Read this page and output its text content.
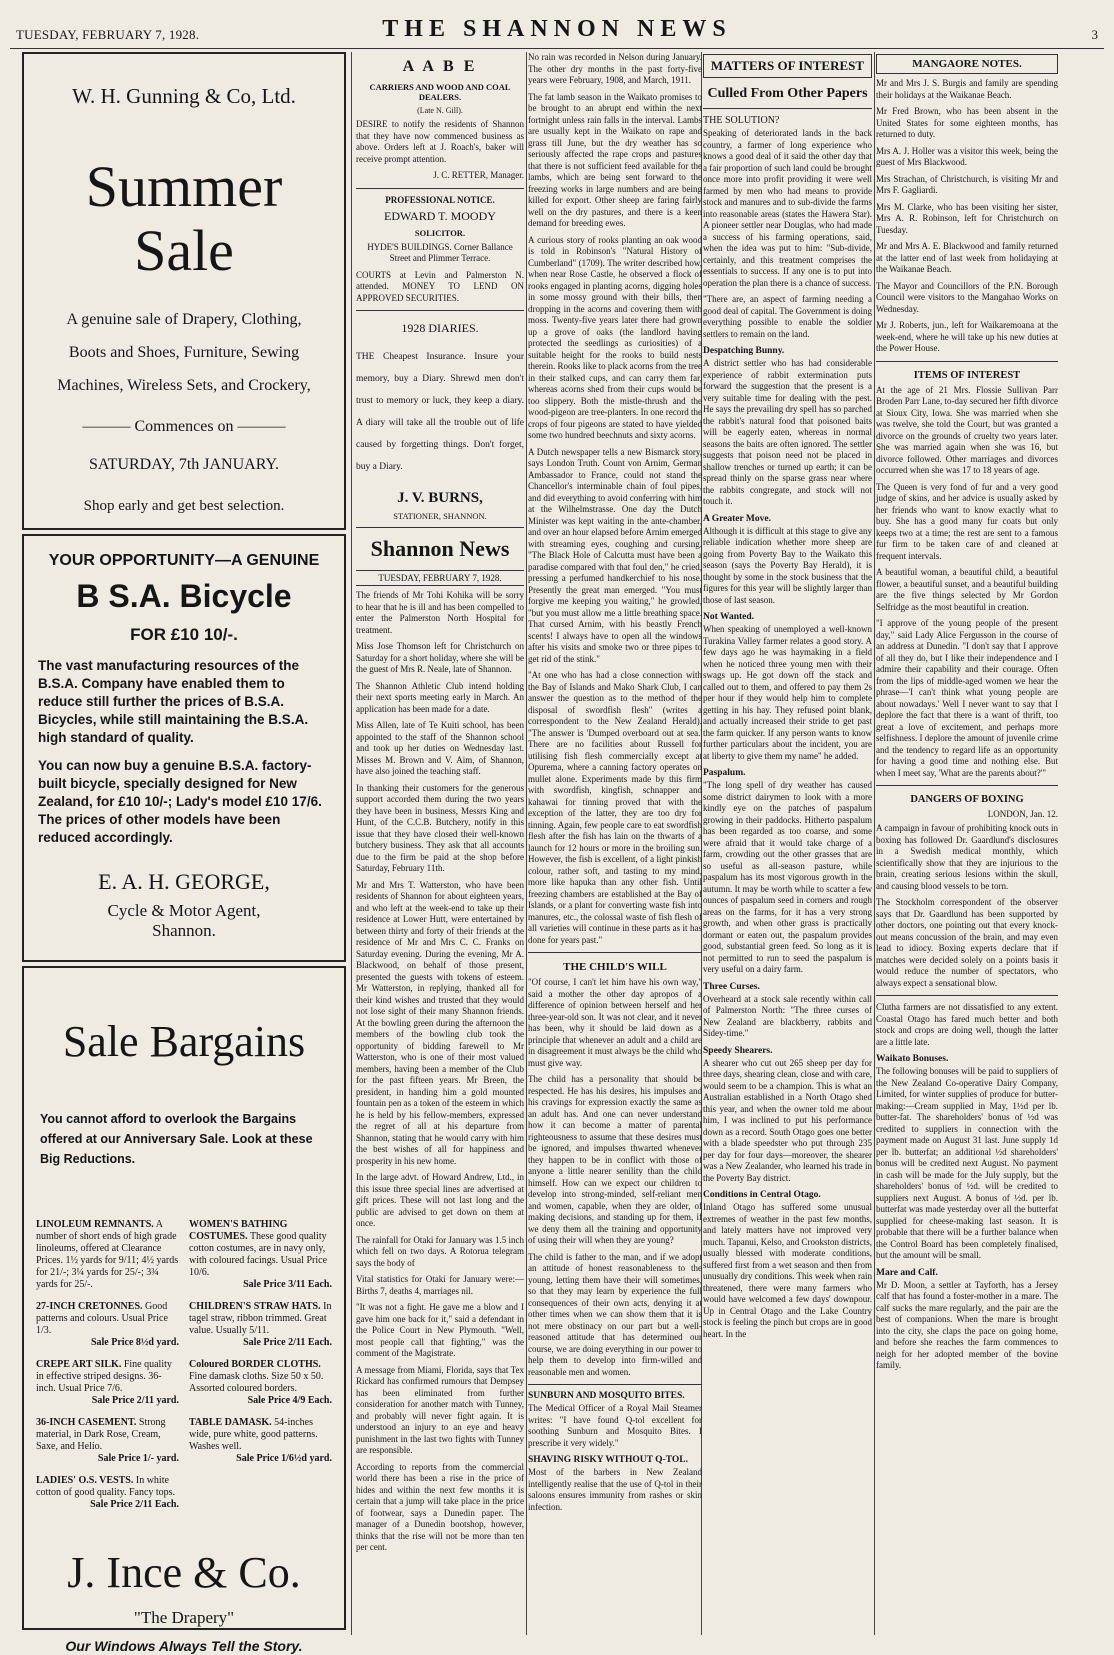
TUESDAY, FEBRUARY 7, 1928.	THE SHANNON NEWS	3
W. H. Gunning & Co, Ltd.
Summer
Sale
A genuine sale of Drapery, Clothing,
Boots and Shoes, Furniture, Sewing
Machines, Wireless Sets, and Crockery,
——— Commences on ———
SATURDAY, 7th JANUARY.
Shop early and get best selection.
YOUR OPPORTUNITY—A GENUINE
B S.A. Bicycle
FOR £10 10/-.
The vast manufacturing resources of the B.S.A. Company have enabled them to reduce still further the prices of B.S.A. Bicycles, while still maintaining the B.S.A. high standard of quality.
You can now buy a genuine B.S.A. factory-built bicycle, specially designed for New Zealand, for £10 10/-; Lady's model £10 17/6. The prices of other models have been reduced accordingly.
E. A. H. GEORGE,
Cycle & Motor Agent,
Shannon.
Sale Bargains
You cannot afford to overlook the Bargains offered at our Anniversary Sale. Look at these Big Reductions.
LINOLEUM REMNANTS. A number of short ends of high grade linoleums, offered at Clearance Prices. 1½ yards for 9/11; 4½ yards for 21/-; 3¼ yards for 25/-; 3¾ yards for 25/-.
27-INCH CRETONNES. Good patterns and colours. Usual Price 1/3.
Sale Price 8½d yard.
CREPE ART SILK. Fine quality in effective striped designs. 36-inch. Usual Price 7/6.
Sale Price 2/11 yard.
36-INCH CASEMENT. Strong material, in Dark Rose, Cream, Saxe, and Helio.
Sale Price 1/- yard.
LADIES' O.S. VESTS. In white cotton of good quality. Fancy tops.
Sale Price 2/11 Each.
WOMEN'S BATHING COSTUMES. These good quality cotton costumes, are in navy only, with coloured facings. Usual Price 10/6.
Sale Price 3/11 Each.
CHILDREN'S STRAW HATS. In tagel straw, ribbon trimmed. Great value. Usually 5/11.
Sale Price 2/11 Each.
Coloured BORDER CLOTHS. Fine damask cloths. Size 50 x 50. Assorted coloured borders.
Sale Price 4/9 Each.
TABLE DAMASK. 54-inches wide, pure white, good patterns. Washes well.
Sale Price 1/6½d yard.
J. Ince & Co.
"The Drapery"
Our Windows Always Tell the Story.
A A B E
CARRIERS AND WOOD AND COAL DEALERS.
(Late N. Gill).

DESIRE to notify the residents of Shannon that they have now commenced business as above. Orders left at J. Roach's, baker will receive prompt attention.

J. C. RETTER, Manager.

PROFESSIONAL NOTICE.
EDWARD T. MOODY
SOLICITOR.

HYDE'S BUILDINGS. Corner Ballance Street and Plimmer Terrace.

COURTS at Levin and Palmerston N. attended. MONEY TO LEND ON APPROVED SECURITIES.

1928 DIARIES.

THE Cheapest Insurance. Insure your memory, buy a Diary. Shrewd men don't trust to memory or luck, they keep a diary. A diary will take all the trouble out of life caused by forgetting things. Don't forget, buy a Diary.

J. V. BURNS,
STATIONER, SHANNON.
Shannon News
TUESDAY, FEBRUARY 7, 1928.

The friends of Mr Tohi Kohika will be sorry to hear that he is ill and has been compelled to enter the Palmerston North Hospital for treatment.

Miss Jose Thomson left for Christchurch on Saturday for a short holiday, where she will be the guest of Mrs R. Neale, late of Shannon.

The Shannon Athletic Club intend holding their next sports meeting early in March. An application has been made for a date.

Miss Allen, late of Te Kuiti school, has been appointed to the staff of the Shannon school and took up her duties on Wednesday last. Misses M. Brown and V. Aim, of Shannon, have also joined the teaching staff.

In thanking their customers for the generous support accorded them during the two years they have been in business, Messrs King and Hunt, of the C.C.B. Butchery, notify in this issue that they have closed their well-known butchery business. They ask that all accounts due to the firm be paid at the shop before Saturday, February 11th.

Mr and Mrs T. Watterston, who have been residents of Shannon for about eighteen years, and who left at the week-end to take up their residence at Lower Hutt, were entertained by between thirty and forty of their friends at the residence of Mr and Mrs C. C. Franks on Saturday evening. During the evening, Mr A. Blackwood, on behalf of those present, presented the guests with tokens of esteem. Mr Watterston, in replying, thanked all for their kind wishes and trusted that they would not lose sight of their many Shannon friends. At the bowling green during the afternoon the members of the bowling club took the opportunity of bidding farewell to Mr Watterston, who is one of their most valued members, having been a member of the Club for the past fifteen years. Mr Breen, the president, in handing him a gold mounted fountain pen as a token of the esteem in which he is held by his fellow-members, expressed the regret of all at his departure from Shannon, stating that he would carry with him the best wishes of all for happiness and prosperity in his new home.

In the large advt. of Howard Andrew, Ltd., in this issue three special lines are advertised at gift prices. These will not last long and the public are advised to get down on them at once.

The rainfall for Otaki for January was 1.5 inch which fell on two days. A Rotorua telegram says the body of

Vital statistics for Otaki for January were:—Births 7, deaths 4, marriages nil.

"It was not a fight. He gave me a blow and I gave him one back for it," said a defendant in the Police Court in New Plymouth. "Well, most people call that fighting," was the comment of the Magistrate.

A message from Miami, Florida, says that Tex Rickard has confirmed rumours that Dempsey has been eliminated from further consideration for another match with Tunney, and probably will never fight again. It is understood an injury to an eye and heavy punishment in the last two fights with Tunney are responsible.

According to reports from the commercial world there has been a rise in the price of hides and within the next few months it is certain that a jump will take place in the price of footwear, says a Dunedin paper. The manager of a Dunedin bootshop, however, thinks that the rise will not be more than ten per cent.

No rain was recorded in Nelson during January. The other dry months in the past forty-five years were February, 1908, and March, 1911.

The fat lamb season in the Waikato promises to be brought to an abrupt end within the next fortnight unless rain falls in the interval. Lambs are usually kept in the Waikato on rape and grass till June, but the dry weather has so seriously affected the rape crops and pastures that there is not sufficient feed available for the lambs, which are being sent forward to the freezing works in large numbers and are being killed for export. Other sheep are faring fairly well on the dry pastures, and there is a keen demand for breeding ewes.

A curious story of rooks planting an oak wood is told in Robinson's "Natural History of Cumberland" (1709). The writer described how, when near Rose Castle, he observed a flock of rooks engaged in planting acorns, digging holes in some mossy ground with their bills, then dropping in the acorns and covering them with moss. Twenty-five years later there had grown up a grove of oaks (the landlord having protected the seedlings as curiosities) of a suitable height for the rooks to build nests therein. Rooks like to plack acorns from the tree in their stalked cups, and can carry them far, whereas acorns shed from their cups would be too slippery. Both the mistle-thrush and the wood-pigeon are tree-planters. In one record the crops of four pigeons are stated to have yielded some two hundred beechnuts and sixty acorns.

A Dutch newspaper tells a new Bismarck story, says London Truth. Count von Arnim, German Ambassador to France, could not stand the Chancellor's interminable chain of foul pipes, and did everything to avoid conferring with him at the Wilhelmstrasse. One day the Dutch Minister was kept waiting in the ante-chamber, and over an hour elapsed before Arnim emerged with streaming eyes, coughing and cursing. "The Black Hole of Calcutta must have been a paradise compared with that foul den," he cried, pressing a perfumed handkerchief to his nose. Presently the great man emerged. "You must forgive me keeping you waiting," he growled, "but you must allow me a little breathing space. That cursed Arnim, with his beastly French scents! I always have to open all the windows after his visits and smoke two or three pipes to get rid of the stink."

"At one who has had a close connection with the Bay of Islands and Mako Shark Club, I can answer the question as to the method of the disposal of swordfish flesh" (writes a correspondent to the New Zealand Herald). "The answer is 'Dumped overboard out at sea.' There are no facilities about Russell for utilising fish flesh commercially except at Opurema, where a canning factory operates on mullet alone. Experiments made by this firm with swordfish, kingfish, schnapper and kahawai for tinning proved that with the exception of the latter, they are too dry for tinning. Again, few people care to eat swordfish flesh after the fish has lain on the thwarts of a launch for 12 hours or more in the broiling sun. However, the fish is excellent, of a light pinkish colour, rather soft, and tasting to my mind, more like hapuka than any other fish. Until freezing chambers are established at the Bay of Islands, or a plant for converting waste fish into manures, etc., the colossal waste of fish flesh of all varieties will continue in these parts as it has done for years past."

THE CHILD'S WILL

"Of course, I can't let him have his own way," said a mother the other day apropos of a difference of opinion between herself and her three-year-old son. It was not clear, and it never has been, why it should be laid down as a principle that whenever an adult and a child are in disagreement it must always be the child who must give way.

The child has a personality that should be respected. He has his desires, his impulses and his cravings for expression exactly the same as an adult has. And one can never understand how it can become a matter of parental righteousness to assume that these desires must be ignored, and impulses thwarted whenever they happen to be in conflict with those of anyone a little nearer senility than the child himself. How can we expect our children to develop into strong-minded, self-reliant men and women, capable, when they are older, of making decisions, and standing up for them, if we deny them all the training and opportunity of using their will when they are young?

The child is father to the man, and if we adopt an attitude of honest reasonableness to the young, letting them have their will sometimes, so that they may learn by experience the full consequences of their own acts, denying it at other times when we can show them that it is not mere obstinacy on our part but a well-reasoned attitude that has determined our course, we are doing everything in our power to help them to develop into firm-willed and reasonable men and women.

SUNBURN AND MOSQUITO BITES.

The Medical Officer of a Royal Mail Steamer writes: "I have found Q-tol excellent for soothing Sunburn and Mosquito Bites. I prescribe it very widely."

SHAVING RISKY WITHOUT Q-TOL.

Most of the barbers in New Zealand intelligently realise that the use of Q-tol in their saloons ensures immunity from rashes or skin infection.

MATTERS OF INTEREST
Culled From Other Papers
THE SOLUTION?

Speaking of deteriorated lands in the back country, a farmer of long experience who knows a good deal of it said the other day that a fair proportion of such land could be brought once more into profit providing it were well farmed by men who had means to provide stock and manures and to sub-divide the farms into reasonable areas (states the Hawera Star). A pioneer settler near Douglas, who had made a success of his farming operations, said, when the idea was put to him: "Sub-divide, certainly, and this treatment comprises the essentials to success. If any one is to put into operation the plan there is a chance of success.

"There are, an aspect of farming needing a good deal of capital. The Government is doing everything possible to enable the soldier settlers to remain on the land.

Despatching Bunny.

A district settler who has had considerable experience of rabbit extermination puts forward the suggestion that the present is a very suitable time for dealing with the pest. He says the prevailing dry spell has so parched the rabbit's natural food that poisoned baits will be eagerly eaten, whereas in normal seasons the baits are often ignored. The settler suggests that poison need not be placed in shallow trenches or turned up earth; it can be spread thinly on the sparse grass near where the rabbits congregate, and stock will not touch it.

A Greater Move.

Although it is difficult at this stage to give any reliable indication whether more sheep are going from Poverty Bay to the Waikato this season (says the Poverty Bay Herald), it is thought by some in the stock business that the figures for this year will be slightly larger than those of last season.

Not Wanted.

When speaking of unemployed a well-known Turakina Valley farmer relates a good story. A few days ago he was haymaking in a field when he noticed three young men with their swags up. He got down off the stack and called out to them, and offered to pay them 2s per hour if they would help him to complete getting in his hay. They refused point blank, and actually increased their stride to get past the farm quicker. If any person wants to know further particulars about the incident, you are at liberty to give them my name" he added.

Paspalum.

"The long spell of dry weather has caused some district dairymen to look with a more kindly eye on the patches of paspalum growing in their paddocks. Hitherto paspalum has been regarded as too coarse, and some were afraid that it would take charge of a farm, crowding out the other grasses that are so useful as all-season pasture, while paspalum has its most vigorous growth in the autumn. It may be worth while to scatter a few ounces of paspalum seed in corners and rough areas on the farms, for it has a very strong growth, and when other grass is practically dormant or eaten out, the paspalum provides good, substantial green feed. So long as it is not permitted to run to seed the paspalum is very useful on a dairy farm.

Three Curses.

Overheard at a stock sale recently within call of Palmerston North: "The three curses of New Zealand are blackberry, rabbits and Sidey-time."

Speedy Shearers.

A shearer who cut out 265 sheep per day for three days, shearing clean, close and with care, would seem to be a champion. This is what an Australian established in a North Otago shed this year, and when the owner told me about him, I was inclined to put his performance down as a record. South Otago goes one better with a blade speedster who put through 235 per day for four days—moreover, the shearer was a New Zealander, who learned his trade in the Poverty Bay district.

Conditions in Central Otago.

Inland Otago has suffered some unusual extremes of weather in the past few months, and lately matters have not improved very much. Tapanui, Kelso, and Crookston districts, usually blessed with moderate conditions, suffered first from a wet season and then from unusually dry conditions. This week when rain threatened, there were many farmers who would have welcomed a few days' downpour. Up in Central Otago and the Lake Country stock is feeling the pinch but crops are in good heart. In the

MANGAORE NOTES.

Mr and Mrs J. S. Burgis and family are spending their holidays at the Waikanae Beach.

Mr Fred Brown, who has been absent in the United States for some eighteen months, has returned to duty.

Mrs A. J. Holler was a visitor this week, being the guest of Mrs Blackwood.

Mrs Strachan, of Christchurch, is visiting Mr and Mrs F. Gagliardi.

Mrs M. Clarke, who has been visiting her sister, Mrs A. R. Robinson, left for Christchurch on Tuesday.

Mr and Mrs A. E. Blackwood and family returned at the latter end of last week from holidaying at the Waikanae Beach.

The Mayor and Councillors of the P.N. Borough Council were visitors to the Mangahao Works on Wednesday.

Mr J. Roberts, jun., left for Waikaremoana at the week-end, where he will take up his new duties at the Power House.

ITEMS OF INTEREST

At the age of 21 Mrs. Flossie Sullivan Parr Broden Parr Lane, to-day secured her fifth divorce at Sioux City, Iowa. She was married when she was twelve, she told the Court, but was granted a divorce on the grounds of cruelty two years later. She was married again when she was 16, but divorce followed. Other marriages and divorces occurred when she was 17 to 18 years of age.

The Queen is very fond of fur and a very good judge of skins, and her advice is usually asked by her friends who want to know exactly what to buy. She has a good many fur coats but only keeps two at a time; the rest are sent to a famous fur firm to be taken care of and cleaned at frequent intervals.

A beautiful woman, a beautiful child, a beautiful flower, a beautiful sunset, and a beautiful building are the five things selected by Mr Gordon Selfridge as the most beautiful in creation.

"I approve of the young people of the present day," said Lady Alice Fergusson in the course of an address at Dunedin. "I don't say that I approve of all they do, but I like their independence and I admire their capability and their courage. Often from the lips of middle-aged women we hear the phrase—'I can't think what young people are about nowadays.' Well I never want to say that I deplore the fact that there is a want of thrift, too great a love of excitement, and perhaps more selfishness. I deplore the amount of juvenile crime and the tendency to regard life as an opportunity for having a good time and nothing else. But when I meet say, 'What are the parents about?'"

DANGERS OF BOXING
LONDON, Jan. 12.

A campaign in favour of prohibiting knock outs in boxing has followed Dr. Gaardlund's disclosures in a Swedish medical monthly, which scientifically show that they are injurious to the brain, creating serious lesions within the skull, and causing blood vessels to be torn.

The Stockholm correspondent of the observer says that Dr. Gaardlund has been supported by other doctors, one pointing out that every knock-out means concussion of the brain, and may even lead to idiocy. Boxing experts declare that if matches were decided solely on a points basis it would reduce the number of spectators, who always expect a sensational blow.

Clutha farmers are not dissatisfied to any extent. Coastal Otago has fared much better and both stock and crops are doing well, though the latter are a little late.

Waikato Bonuses.

The following bonuses will be paid to suppliers of the New Zealand Co-operative Dairy Company, Limited, for winter supplies of produce for butter-making:—Cream supplied in May, 1½d per lb. butter-fat. The shareholders' bonus of ½d was credited to suppliers in connection with the payment made on August 31 last. June supply 1d per lb. butterfat; an additional ½d shareholders' bonus will be credited next August. No payment in cash will be made for the July supply, but the shareholders' bonus of ½d. will be credited to suppliers next August. A bonus of ½d. per lb. butterfat was made yesterday over all the butterfat supplied for cheese-making last season. It is probable that there will be a further balance when the Control Board has been completely finalised, but the amount will be small.

Mare and Calf.

Mr D. Moon, a settler at Tayforth, has a Jersey calf that has found a foster-mother in a mare. The calf sucks the mare regularly, and the pair are the best of companions. When the mare is brought into the city, she claps the pace on going home, and before she reaches the farm commences to neigh for her adopted member of the bovine family.
